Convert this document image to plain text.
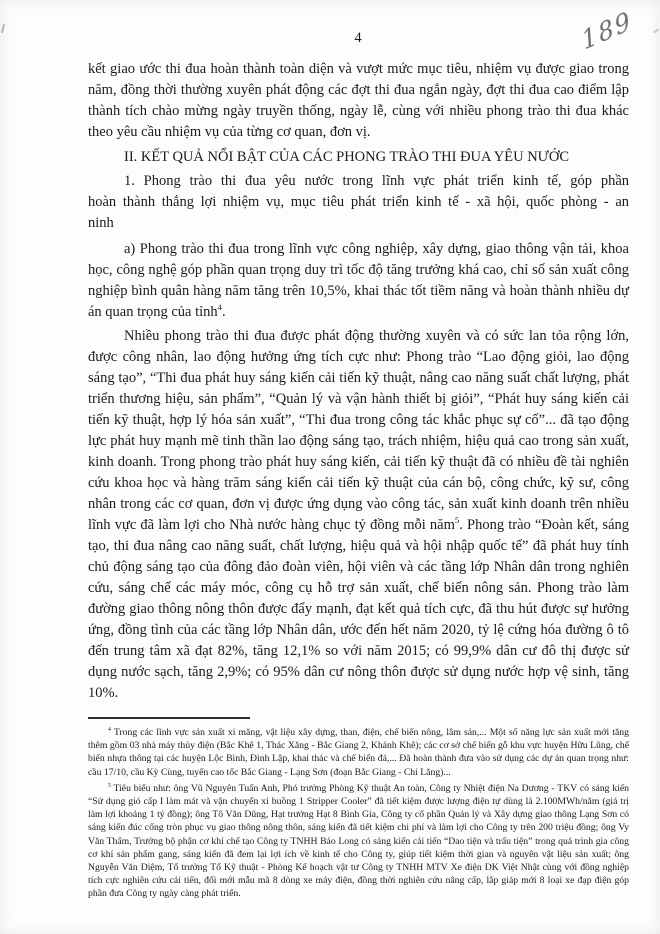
189
4

kết giao ước thi đua hoàn thành toàn diện và vượt mức mục tiêu, nhiệm vụ được giao trong năm, đồng thời thường xuyên phát động các đợt thi đua ngắn ngày, đợt thi đua cao điểm lập thành tích chào mừng ngày truyền thống, ngày lễ, cùng với nhiều phong trào thi đua khác theo yêu cầu nhiệm vụ của từng cơ quan, đơn vị.

II. KẾT QUẢ NỔI BẬT CỦA CÁC PHONG TRÀO THI ĐUA YÊU NƯỚC
1. Phong trào thi đua yêu nước trong lĩnh vực phát triển kinh tế, góp phần hoàn thành thắng lợi nhiệm vụ, mục tiêu phát triển kinh tế - xã hội, quốc phòng - an ninh

a) Phong trào thi đua trong lĩnh vực công nghiệp, xây dựng, giao thông vận tải, khoa học, công nghệ góp phần quan trọng duy trì tốc độ tăng trưởng khá cao, chỉ số sản xuất công nghiệp bình quân hàng năm tăng trên 10,5%, khai thác tốt tiềm năng và hoàn thành nhiều dự án quan trọng của tỉnh$^4$.

Nhiều phong trào thi đua được phát động thường xuyên và có sức lan tỏa rộng lớn, được công nhân, lao động hưởng ứng tích cực như: Phong trào “Lao động giỏi, lao động sáng tạo”, “Thi đua phát huy sáng kiến cải tiến kỹ thuật, nâng cao năng suất chất lượng, phát triển thương hiệu, sản phẩm”, “Quản lý và vận hành thiết bị giỏi”, “Phát huy sáng kiến cải tiến kỹ thuật, hợp lý hóa sản xuất”, “Thi đua trong công tác khắc phục sự cố”... đã tạo động lực phát huy mạnh mẽ tinh thần lao động sáng tạo, trách nhiệm, hiệu quả cao trong sản xuất, kinh doanh. Trong phong trào phát huy sáng kiến, cải tiến kỹ thuật đã có nhiều đề tài nghiên cứu khoa học và hàng trăm sáng kiến cải tiến kỹ thuật của cán bộ, công chức, kỹ sư, công nhân trong các cơ quan, đơn vị được ứng dụng vào công tác, sản xuất kinh doanh trên nhiều lĩnh vực đã làm lợi cho Nhà nước hàng chục tỷ đồng mỗi năm$^5$. Phong trào “Đoàn kết, sáng tạo, thi đua nâng cao năng suất, chất lượng, hiệu quả và hội nhập quốc tế” đã phát huy tính chủ động sáng tạo của đông đảo đoàn viên, hội viên và các tầng lớp Nhân dân trong nghiên cứu, sáng chế các máy móc, công cụ hỗ trợ sản xuất, chế biến nông sản. Phong trào làm đường giao thông nông thôn được đẩy mạnh, đạt kết quả tích cực, đã thu hút được sự hưởng ứng, đồng tình của các tầng lớp Nhân dân, ước đến hết năm 2020, tỷ lệ cứng hóa đường ô tô đến trung tâm xã đạt 82%, tăng 12,1% so với năm 2015; có 99,9% dân cư đô thị được sử dụng nước sạch, tăng 2,9%; có 95% dân cư nông thôn được sử dụng nước hợp vệ sinh, tăng 10%.

$^4$ Trong các lĩnh vực sản xuất xi măng, vật liệu xây dựng, than, điện, chế biến nông, lâm sản,... Một số năng lực sản xuất mới tăng thêm gồm 03 nhà máy thủy điện (Bắc Khê 1, Thác Xăng - Bắc Giang 2, Khánh Khê); các cơ sở chế biến gỗ khu vực huyện Hữu Lũng, chế biến nhựa thông tại các huyện Lộc Bình, Đình Lập, khai thác và chế biến đá,... Đã hoàn thành đưa vào sử dụng các dự án quan trọng như: cầu 17/10, cầu Kỳ Cùng, tuyến cao tốc Bắc Giang - Lạng Sơn (đoạn Bắc Giang - Chi Lăng)...

$^5$ Tiêu biểu như: ông Vũ Nguyên Tuấn Anh, Phó trưởng Phòng Kỹ thuật An toàn, Công ty Nhiệt điện Na Dương - TKV có sáng kiến “Sử dụng gió cấp I làm mát và vận chuyển xi buồng 1 Stripper Cooler” đã tiết kiệm được lượng điện tự dùng là 2.100MWh/năm (giá trị làm lợi khoảng 1 tỷ đồng); ông Tô Văn Dũng, Hạt trưởng Hạt 8 Bình Gia, Công ty cổ phần Quản lý và Xây dựng giao thông Lạng Sơn có sáng kiến đúc cống tròn phục vụ giao thông nông thôn, sáng kiến đã tiết kiệm chi phí và làm lợi cho Công ty trên 200 triệu đồng; ông Vy Văn Thẩm, Trưởng bộ phận cơ khí chế tạo Công ty TNHH Bảo Long có sáng kiến cải tiến “Dao tiện và trấu tiện” trong quá trình gia công cơ khí sản phẩm gang, sáng kiến đã đem lại lợi ích về kinh tế cho Công ty, giúp tiết kiệm thời gian và nguyên vật liệu sản xuất; ông Nguyễn Văn Diệm, Tổ trưởng Tổ Kỹ thuật - Phòng Kế hoạch vật tư Công ty TNHH MTV Xe điện DK Việt Nhật cùng với đồng nghiệp tích cực nghiên cứu cải tiến, đổi mới mẫu mã 8 dòng xe máy điện, đồng thời nghiên cứu nâng cấp, lắp giáp mới 8 loại xe đạp điện góp phần đưa Công ty ngày càng phát triển.
